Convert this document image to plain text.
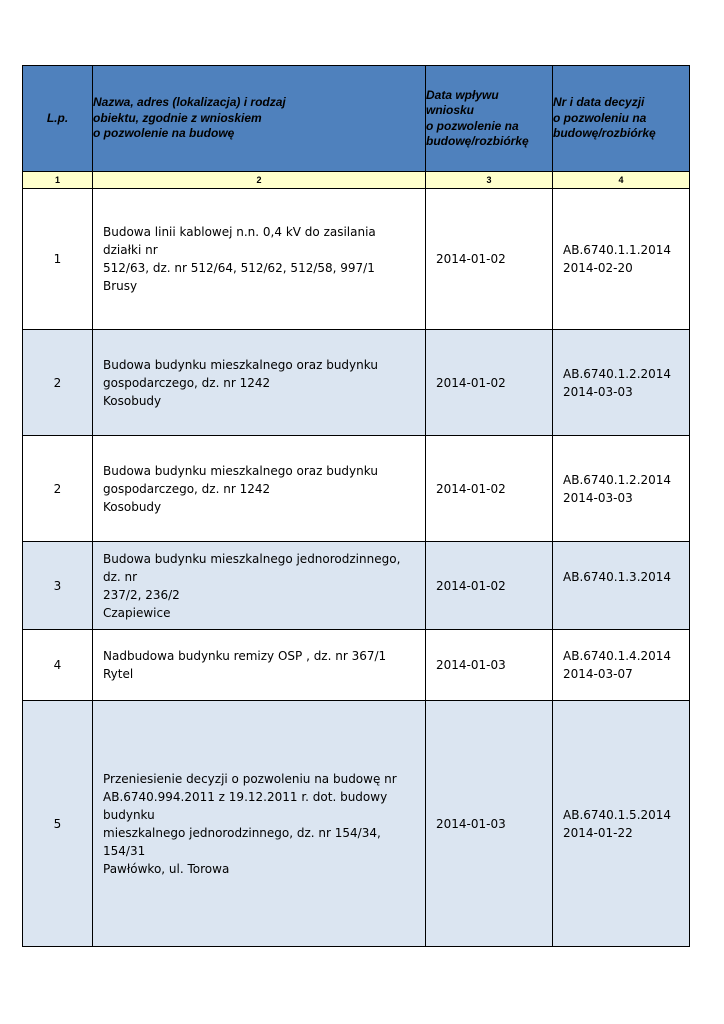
L.p.	Nazwa, adres (lokalizacja) i rodzaj
obiektu, zgodnie z wnioskiem
o pozwolenie na budowę	Data wpływu
wniosku
o pozwolenie na
budowę/rozbiórkę	Nr i data decyzji
o pozwoleniu na
budowę/rozbiórkę
1	2	3	4
1	Budowa linii kablowej n.n. 0,4 kV do zasilania działki nr
512/63, dz. nr 512/64, 512/62, 512/58, 997/1
Brusy	2014-01-02	AB.6740.1.1.2014
2014-02-20
2	Budowa budynku mieszkalnego oraz budynku
gospodarczego, dz. nr 1242
Kosobudy	2014-01-02	AB.6740.1.2.2014
2014-03-03
2	Budowa budynku mieszkalnego oraz budynku
gospodarczego, dz. nr 1242
Kosobudy	2014-01-02	AB.6740.1.2.2014
2014-03-03
3	Budowa budynku mieszkalnego jednorodzinnego, dz. nr
237/2, 236/2
Czapiewice	2014-01-02	AB.6740.1.3.2014
4	Nadbudowa budynku remizy OSP , dz. nr 367/1
Rytel	2014-01-03	AB.6740.1.4.2014
2014-03-07
5	Przeniesienie decyzji o pozwoleniu na budowę nr
AB.6740.994.2011 z 19.12.2011 r. dot. budowy budynku
mieszkalnego jednorodzinnego, dz. nr 154/34, 154/31
Pawłówko, ul. Torowa	2014-01-03	AB.6740.1.5.2014
2014-01-22
